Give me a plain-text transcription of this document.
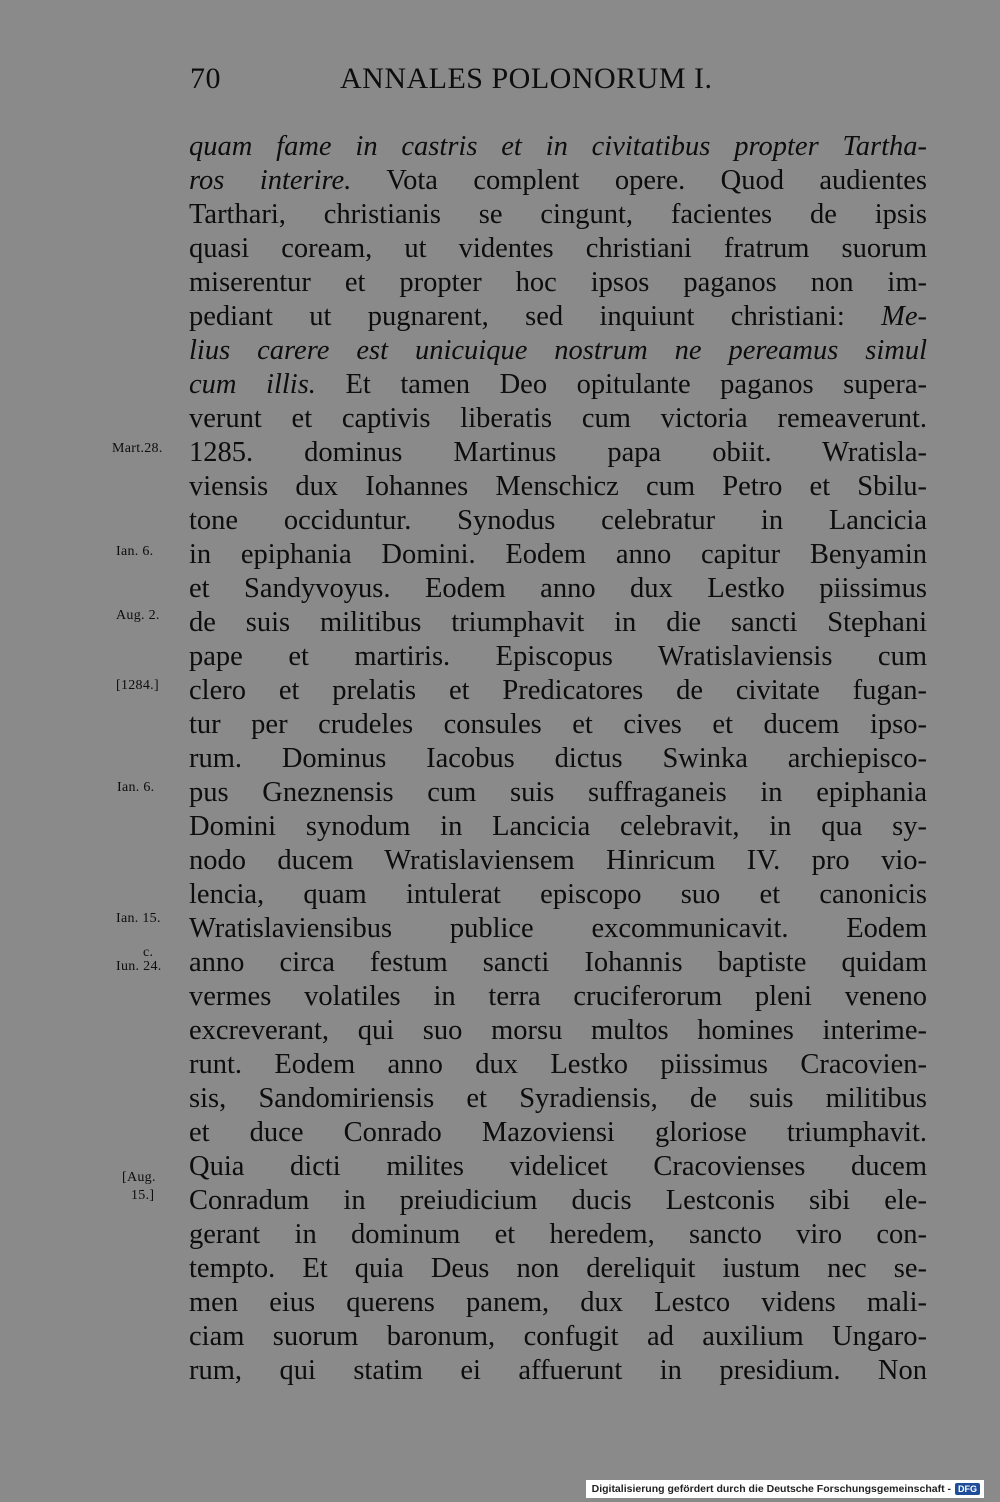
70	ANNALES POLONORUM I.
quam fame in castris et in civitatibus propter Tartha-
ros interire. Vota complent opere. Quod audientes
Tarthari, christianis se cingunt, facientes de ipsis
quasi coream, ut videntes christiani fratrum suorum
miserentur et propter hoc ipsos paganos non im-
pediant ut pugnarent, sed inquiunt christiani: Me-
lius carere est unicuique nostrum ne pereamus simul
cum illis. Et tamen Deo opitulante paganos supera-
verunt et captivis liberatis cum victoria remeaverunt.
1285. dominus Martinus papa obiit. Wratisla-
viensis dux Iohannes Menschicz cum Petro et Sbilu-
tone occiduntur. Synodus celebratur in Lancicia
in epiphania Domini. Eodem anno capitur Benyamin
et Sandyvoyus. Eodem anno dux Lestko piissimus
de suis militibus triumphavit in die sancti Stephani
pape et martiris. Episcopus Wratislaviensis cum
clero et prelatis et Predicatores de civitate fugan-
tur per crudeles consules et cives et ducem ipso-
rum. Dominus Iacobus dictus Swinka archiepisco-
pus Gneznensis cum suis suffraganeis in epiphania
Domini synodum in Lancicia celebravit, in qua sy-
nodo ducem Wratislaviensem Hinricum IV. pro vio-
lencia, quam intulerat episcopo suo et canonicis
Wratislaviensibus publice excommunicavit. Eodem
anno circa festum sancti Iohannis baptiste quidam
vermes volatiles in terra cruciferorum pleni veneno
excreverant, qui suo morsu multos homines interime-
runt. Eodem anno dux Lestko piissimus Cracovien-
sis, Sandomiriensis et Syradiensis, de suis militibus
et duce Conrado Mazoviensi gloriose triumphavit.
Quia dicti milites videlicet Cracovienses ducem
Conradum in preiudicium ducis Lestconis sibi ele-
gerant in dominum et heredem, sancto viro con-
tempto. Et quia Deus non dereliquit iustum nec se-
men eius querens panem, dux Lestco videns mali-
ciam suorum baronum, confugit ad auxilium Ungaro-
rum, qui statim ei affuerunt in presidium. Non
Mart.28.
Ian. 6.
Aug. 2.
[1284.]
Ian. 6.
Ian. 15.
c.
Iun. 24.
[Aug.
15.]
Digitalisierung gefördert durch die Deutsche Forschungsgemeinschaft - DFG
